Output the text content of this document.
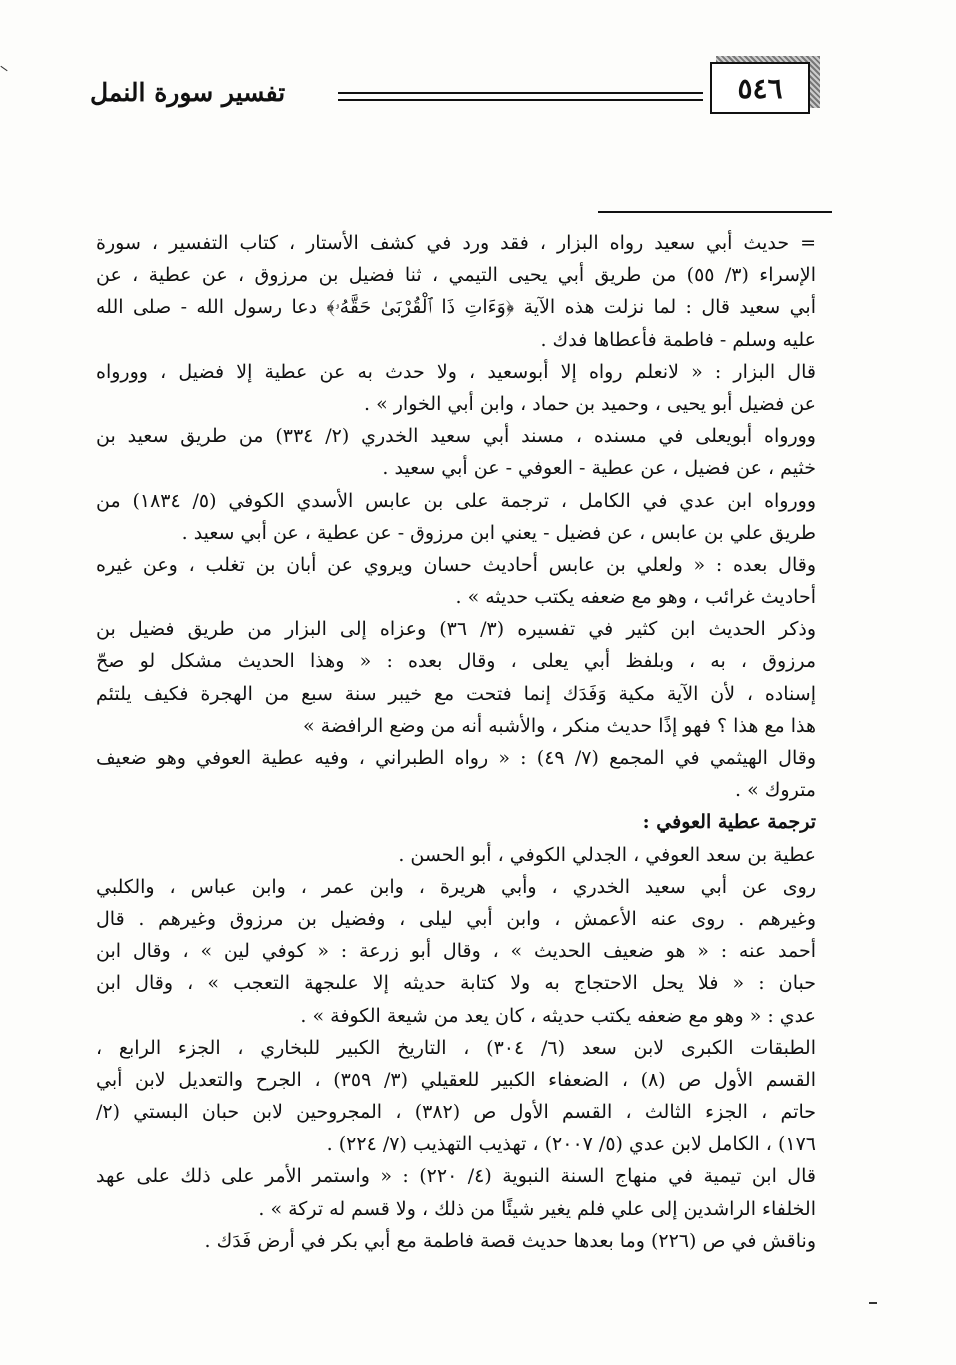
٥٤٦
تفسير سورة النمل
= حديث أبي سعيد رواه البزار ، فقد ورد في كشف الأستار ، كتاب التفسير ، سورة
الإسراء (٣/ ٥٥) من طريق أبي يحيى التيمي ، ثنا فضيل بن مرزوق ، عن عطية ، عن
أبي سعيد قال : لما نزلت هذه الآية ﴿وَءَاتِ ذَا ٱلْقُرْبَىٰ حَقَّهُۥ﴾ دعا رسول الله - صلى الله
عليه وسلم - فاطمة فأعطاها فدك .
قال البزار : « لانعلم رواه إلا أبوسعيد ، ولا حدث به عن عطية إلا فضيل ، وورواه
عن فضيل أبو يحيى ، وحميد بن حماد ، وابن أبي الخوار » .
وورواه أبويعلى في مسنده ، مسند أبي سعيد الخدري (٢/ ٣٣٤) من طريق سعيد بن
خثيم ، عن فضيل ، عن عطية - العوفي - عن أبي سعيد .
وورواه ابن عدي في الكامل ، ترجمة على بن عابس الأسدي الكوفي (٥/ ١٨٣٤) من
طريق علي بن عابس ، عن فضيل - يعني ابن مرزوق - عن عطية ، عن أبي سعيد .
وقال بعده : « ولعلي بن عابس أحاديث حسان ويروي عن أبان بن تغلب ، وعن غيره
أحاديث غرائب ، وهو مع ضعفه يكتب حديثه » .
وذكر الحديث ابن كثير في تفسيره (٣/ ٣٦) وعزاه إلى البزار من طريق فضيل بن
مرزوق ، به ، وبلفظ أبي يعلى ، وقال بعده : « وهذا الحديث مشكل لو صحّ
إسناده ، لأن الآية مكية وَفَدَك إنما فتحت مع خيبر سنة سبع من الهجرة فكيف يلتئم
هذا مع هذا ؟ فهو إذًا حديث منكر ، والأشبه أنه من وضع الرافضة »
وقال الهيثمي في المجمع (٧/ ٤٩) : « رواه الطبراني ، وفيه عطية العوفي وهو ضعيف
متروك » .
ترجمة عطية العوفي :
عطية بن سعد العوفي ، الجدلي الكوفي ، أبو الحسن .
روى عن أبي سعيد الخدري ، وأبي هريرة ، وابن عمر ، وابن عباس ، والكلبي
وغيرهم . روى عنه الأعمش ، وابن أبي ليلى ، وفضيل بن مرزوق وغيرهم . قال
أحمد عنه : « هو ضعيف الحديث » ، وقال أبو زرعة : « كوفي لين » ، وقال ابن
حبان : « فلا يحل الاحتجاج به ولا كتابة حديثه إلا علىجهة التعجب » ، وقال ابن
عدي : « وهو مع ضعفه يكتب حديثه ، كان يعد من شيعة الكوفة » .
الطبقات الكبرى لابن سعد (٦/ ٣٠٤) ، التاريخ الكبير للبخاري ، الجزء الرابع ،
القسم الأول ص (٨) ، الضعفاء الكبير للعقيلي (٣/ ٣٥٩) ، الجرح والتعديل لابن أبي
حاتم ، الجزء الثالث ، القسم الأول ص (٣٨٢) ، المجروحين لابن حبان البستي (٢/
١٧٦) ، الكامل لابن عدي (٥/ ٢٠٠٧) ، تهذيب التهذيب (٧/ ٢٢٤) .
قال ابن تيمية في منهاج السنة النبوية (٤/ ٢٢٠) : « واستمر الأمر على ذلك على عهد
الخلفاء الراشدين إلى علي فلم يغير شيئًا من ذلك ، ولا قسم له تركة » .
وناقش في ص (٢٢٦) وما بعدها حديث قصة فاطمة مع أبي بكر في أرض فَدَك .
